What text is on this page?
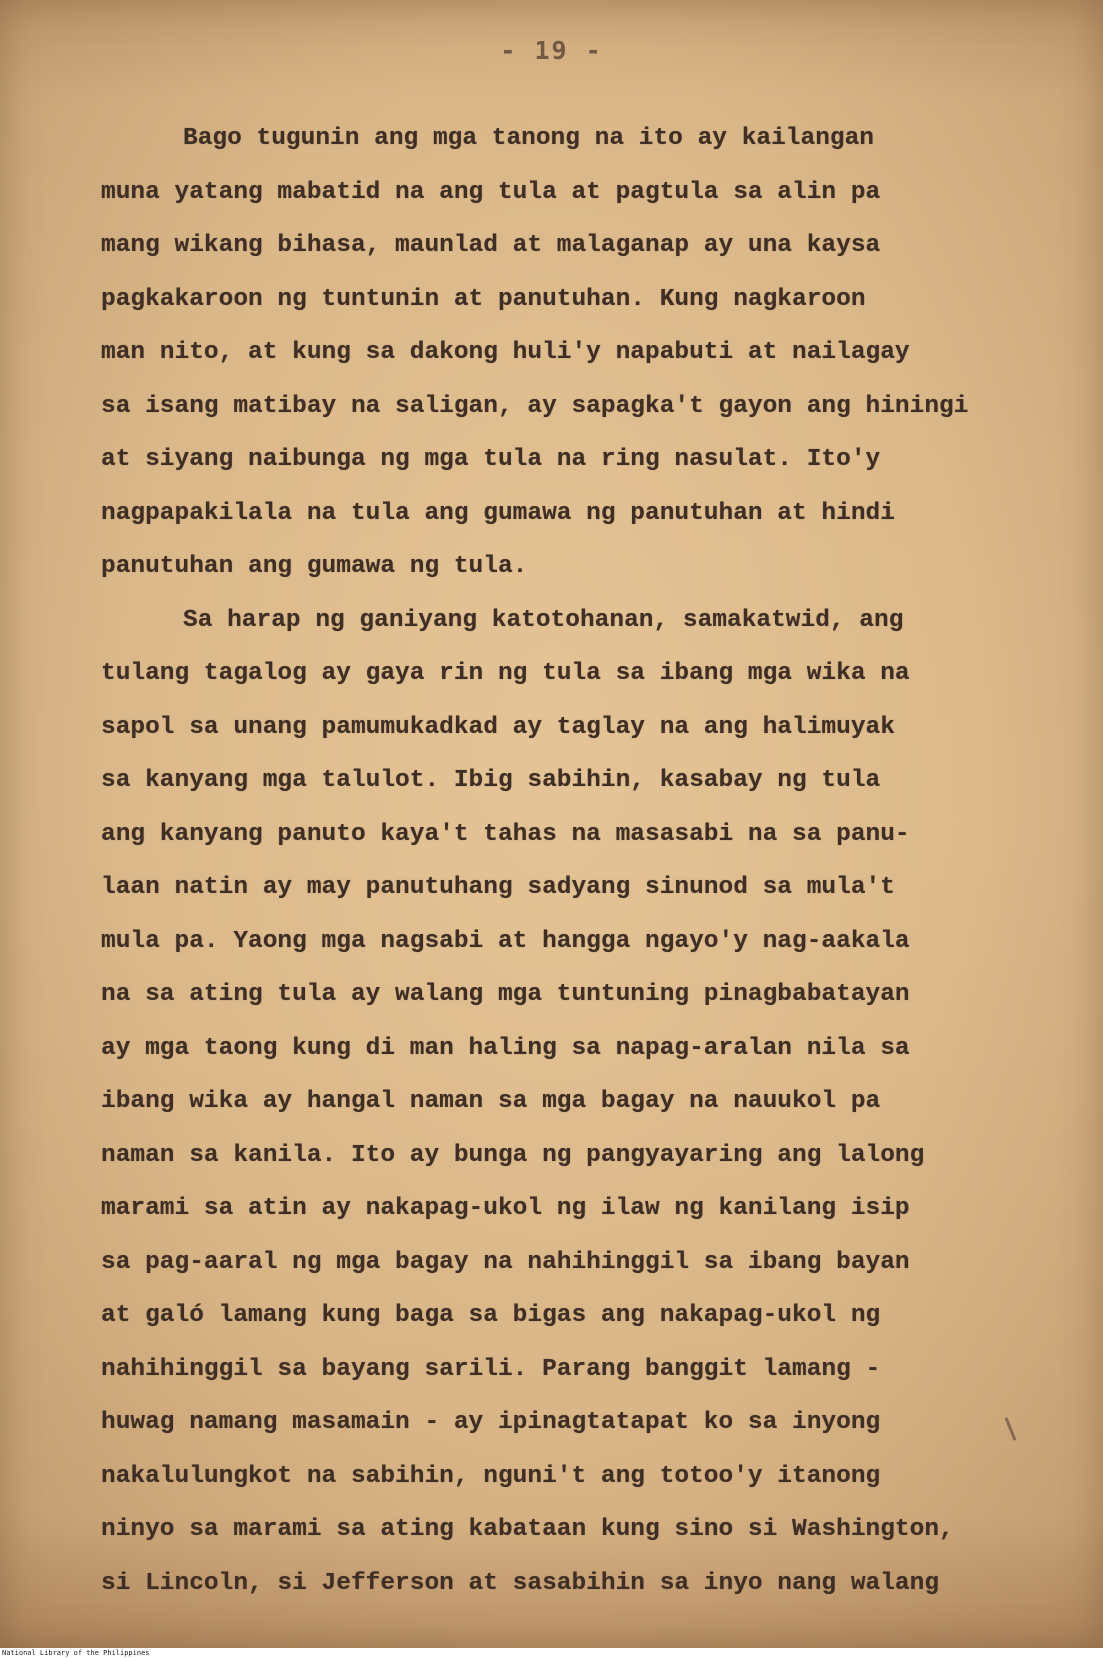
- 19 -
Bago tugunin ang mga tanong na ito ay kailangan
muna yatang mabatid na ang tula at pagtula sa alin pa
mang wikang bihasa, maunlad at malaganap ay una kaysa
pagkakaroon ng tuntunin at panutuhan. Kung nagkaroon
man nito, at kung sa dakong huli'y napabuti at nailagay
sa isang matibay na saligan, ay sapagka't gayon ang hiningi
at siyang naibunga ng mga tula na ring nasulat. Ito'y
nagpapakilala na tula ang gumawa ng panutuhan at hindi
panutuhan ang gumawa ng tula.
Sa harap ng ganiyang katotohanan, samakatwid, ang
tulang tagalog ay gaya rin ng tula sa ibang mga wika na
sapol sa unang pamumukadkad ay taglay na ang halimuyak
sa kanyang mga talulot. Ibig sabihin, kasabay ng tula
ang kanyang panuto kaya't tahas na masasabi na sa panu-
laan natin ay may panutuhang sadyang sinunod sa mula't
mula pa. Yaong mga nagsabi at hangga ngayo'y nag-aakala
na sa ating tula ay walang mga tuntuning pinagbabatayan
ay mga taong kung di man haling sa napag-aralan nila sa
ibang wika ay hangal naman sa mga bagay na nauukol pa
naman sa kanila. Ito ay bunga ng pangyayaring ang lalong
marami sa atin ay nakapag-ukol ng ilaw ng kanilang isip
sa pag-aaral ng mga bagay na nahihinggil sa ibang bayan
at galó lamang kung baga sa bigas ang nakapag-ukol ng
nahihinggil sa bayang sarili. Parang banggit lamang -
huwag namang masamain - ay ipinagtatapat ko sa inyong
nakalulungkot na sabihin, nguni't ang totoo'y itanong
ninyo sa marami sa ating kabataan kung sino si Washington,
si Lincoln, si Jefferson at sasabihin sa inyo nang walang
National Library of the Philippines
